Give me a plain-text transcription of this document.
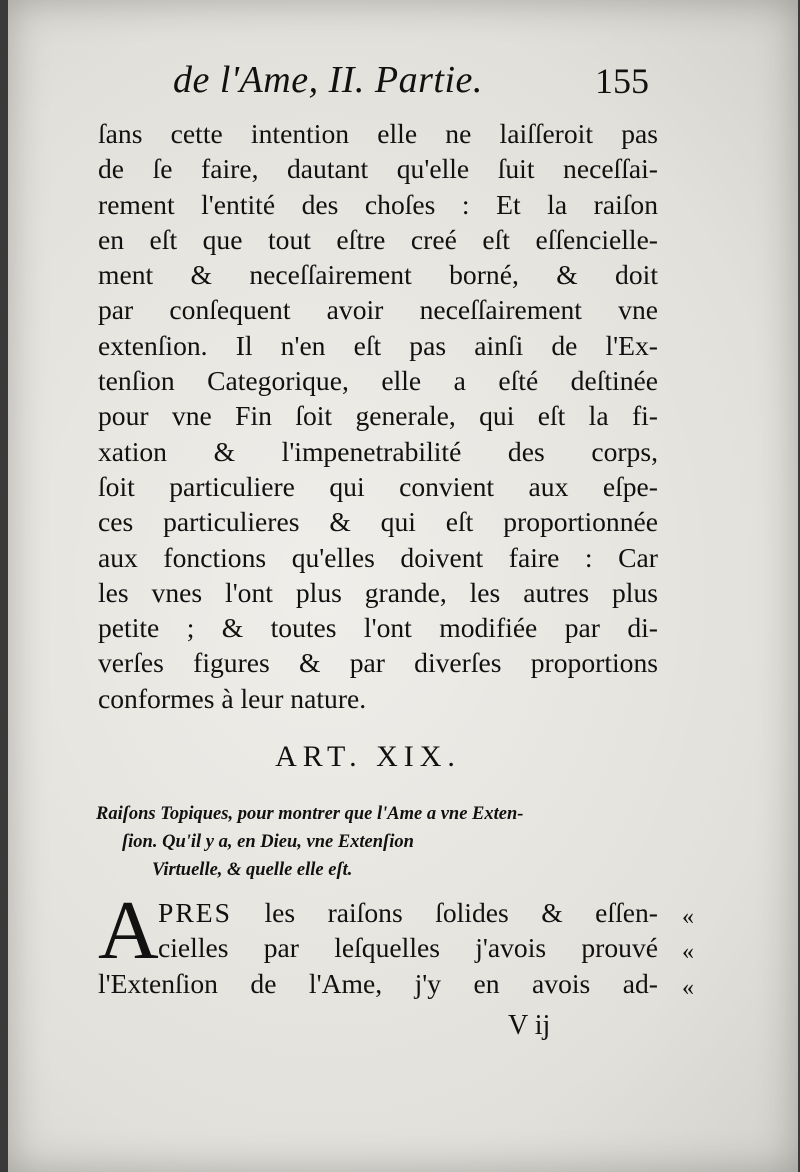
de l'Ame, II. Partie.	155
ſans cette intention elle ne laiſſeroit pas
de ſe faire, dautant qu'elle ſuit neceſſai-
rement l'entité des choſes : Et la raiſon
en eſt que tout eſtre creé eſt eſſencielle-
ment & neceſſairement borné, & doit
par conſequent avoir neceſſairement vne
extenſion. Il n'en eſt pas ainſi de l'Ex-
tenſion Categorique, elle a eſté deſtinée
pour vne Fin ſoit generale, qui eſt la fi-
xation & l'impenetrabilité des corps,
ſoit particuliere qui convient aux eſpe-
ces particulieres & qui eſt proportionnée
aux fonctions qu'elles doivent faire : Car
les vnes l'ont plus grande, les autres plus
petite ; & toutes l'ont modifiée par di-
verſes figures & par diverſes proportions
conformes à leur nature.
ART. XIX.
Raiſons Topiques, pour montrer que l'Ame a vne Exten-
ſion. Qu'il y a, en Dieu, vne Extenſion
Virtuelle, & quelle elle eſt.
A PRES les raiſons ſolides & eſſen-
cielles par leſquelles j'avois prouvé
l'Extenſion de l'Ame, j'y en avois ad-
«
«
«
V ij
